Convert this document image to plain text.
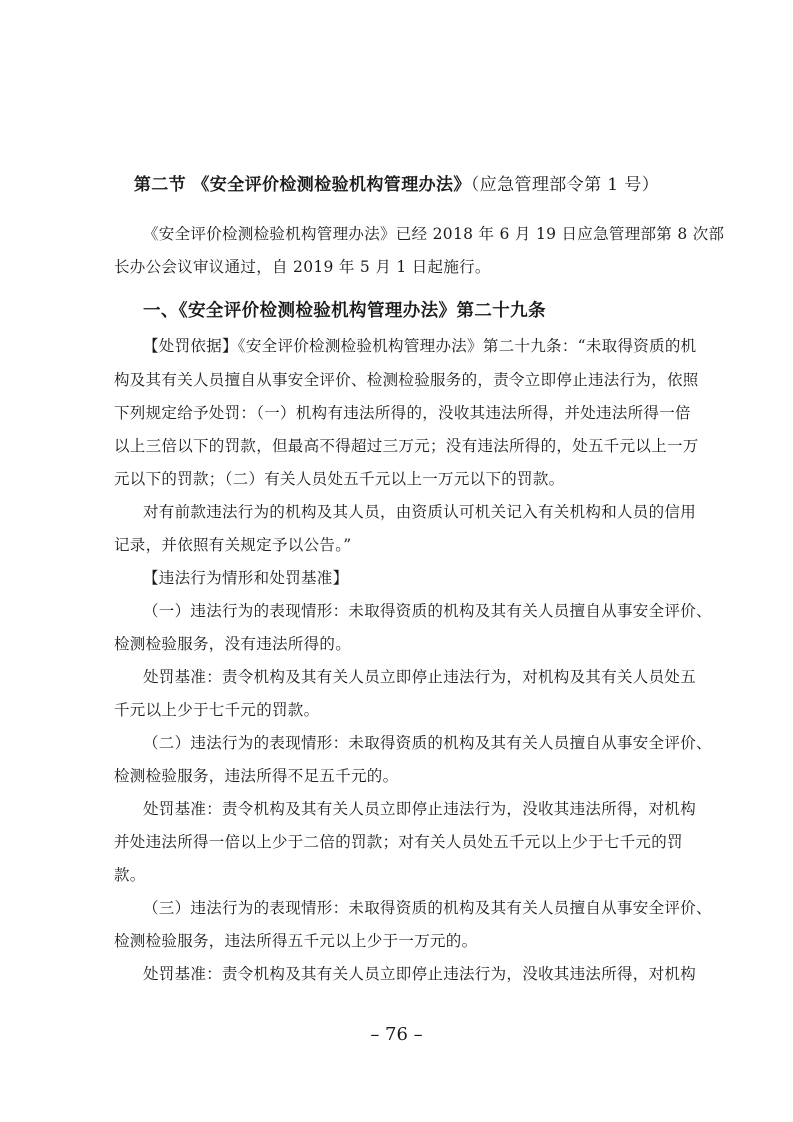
第二节 《安全评价检测检验机构管理办法》（应急管理部令第 1 号）
《安全评价检测检验机构管理办法》已经 2018 年 6 月 19 日应急管理部第 8 次部
长办公会议审议通过，自 2019 年 5 月 1 日起施行。
一、《安全评价检测检验机构管理办法》第二十九条
【处罚依据】《安全评价检测检验机构管理办法》第二十九条：“未取得资质的机
构及其有关人员擅自从事安全评价、检测检验服务的，责令立即停止违法行为，依照
下列规定给予处罚：（一）机构有违法所得的，没收其违法所得，并处违法所得一倍
以上三倍以下的罚款，但最高不得超过三万元；没有违法所得的，处五千元以上一万
元以下的罚款；（二）有关人员处五千元以上一万元以下的罚款。
对有前款违法行为的机构及其人员，由资质认可机关记入有关机构和人员的信用
记录，并依照有关规定予以公告。”
【违法行为情形和处罚基准】
（一）违法行为的表现情形：未取得资质的机构及其有关人员擅自从事安全评价、
检测检验服务，没有违法所得的。
处罚基准：责令机构及其有关人员立即停止违法行为，对机构及其有关人员处五
千元以上少于七千元的罚款。
（二）违法行为的表现情形：未取得资质的机构及其有关人员擅自从事安全评价、
检测检验服务，违法所得不足五千元的。
处罚基准：责令机构及其有关人员立即停止违法行为，没收其违法所得，对机构
并处违法所得一倍以上少于二倍的罚款；对有关人员处五千元以上少于七千元的罚
款。
（三）违法行为的表现情形：未取得资质的机构及其有关人员擅自从事安全评价、
检测检验服务，违法所得五千元以上少于一万元的。
处罚基准：责令机构及其有关人员立即停止违法行为，没收其违法所得，对机构
– 76 –
